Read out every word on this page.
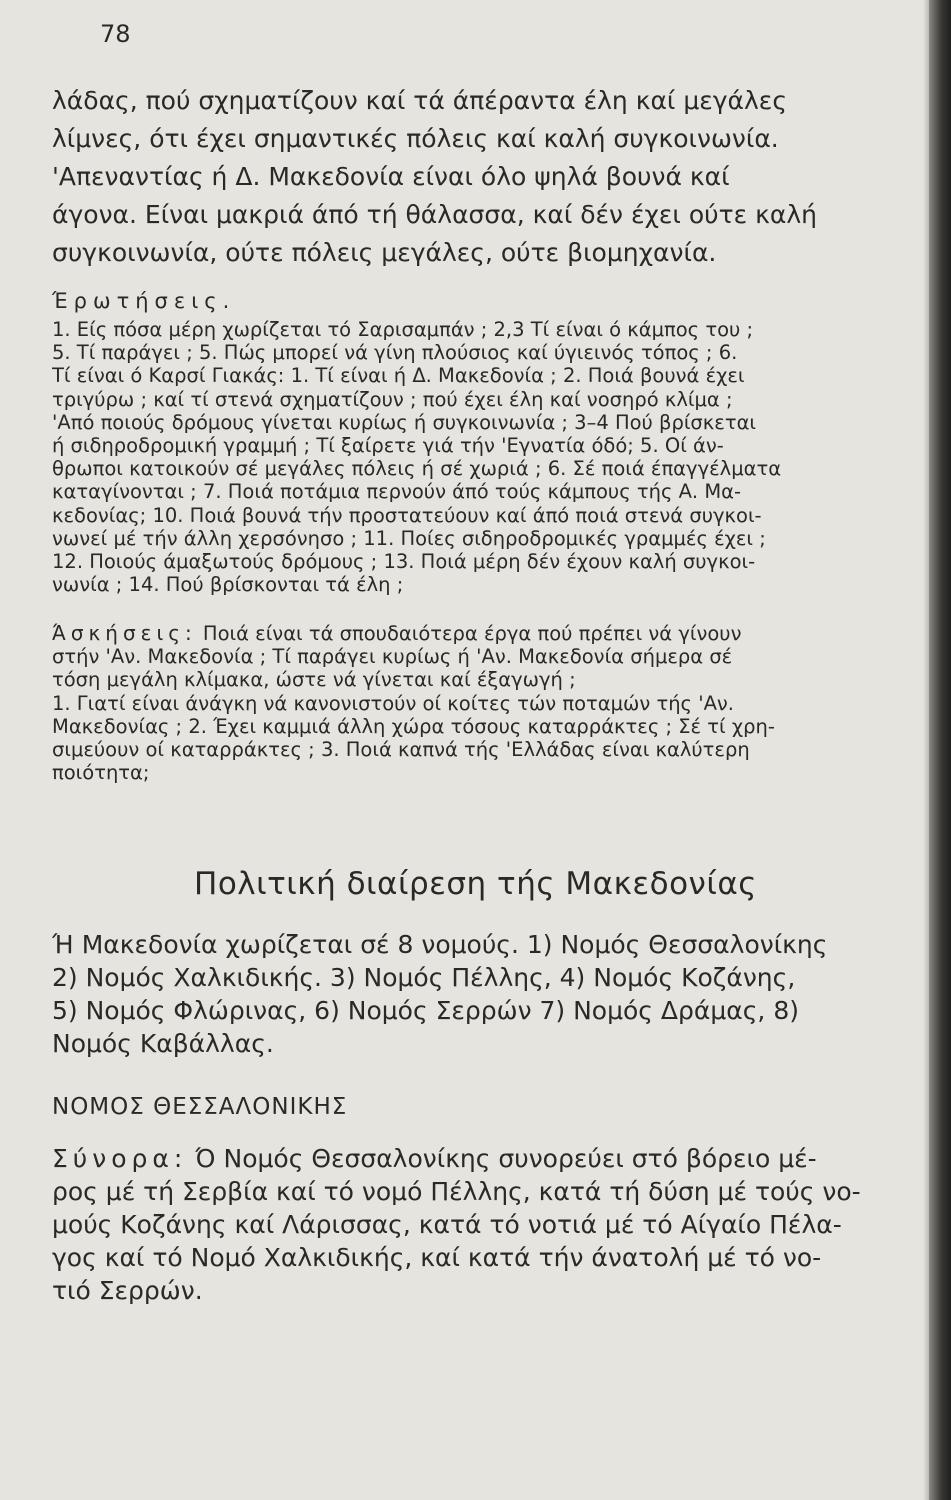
78
λάδας, πού σχηματίζουν καί τά άπέραντα έλη καί μεγάλες
λίμνες, ότι έχει σημαντικές πόλεις καί καλή συγκοινωνία.
'Απεναντίας ή Δ. Μακεδονία είναι όλο ψηλά βουνά καί
άγονα. Είναι μακριά άπό τή θάλασσα, καί δέν έχει ούτε καλή
συγκοινωνία, ούτε πόλεις μεγάλες, ούτε βιομηχανία.
Έρωτήσεις.
1. Είς πόσα μέρη χωρίζεται τό Σαρισαμπάν ; 2,3 Τί είναι ό κάμπος του ;
5. Τί παράγει ; 5. Πώς μπορεί νά γίνη πλούσιος καί ύγιεινός τόπος ; 6.
Τί είναι ό Καρσί Γιακάς: 1. Τί είναι ή Δ. Μακεδονία ; 2. Ποιά βουνά έχει
τριγύρω ; καί τί στενά σχηματίζουν ; πού έχει έλη καί νοσηρό κλίμα ;
'Από ποιούς δρόμους γίνεται κυρίως ή συγκοινωνία ; 3–4 Πού βρίσκεται
ή σιδηροδρομική γραμμή ; Τί ξαίρετε γιά τήν 'Εγνατία όδό; 5. Οί άν-
θρωποι κατοικούν σέ μεγάλες πόλεις ή σέ χωριά ; 6. Σέ ποιά έπαγγέλματα
καταγίνονται ; 7. Ποιά ποτάμια περνούν άπό τούς κάμπους τής Α. Μα-
κεδονίας; 10. Ποιά βουνά τήν προστατεύουν καί άπό ποιά στενά συγκοι-
νωνεί μέ τήν άλλη χερσόνησο ; 11. Ποίες σιδηροδρομικές γραμμές έχει ;
12. Ποιούς άμαξωτούς δρόμους ; 13. Ποιά μέρη δέν έχουν καλή συγκοι-
νωνία ; 14. Πού βρίσκονται τά έλη ;
Άσκήσεις: Ποιά είναι τά σπουδαιότερα έργα πού πρέπει νά γίνουν
στήν 'Αν. Μακεδονία ; Τί παράγει κυρίως ή 'Αν. Μακεδονία σήμερα σέ
τόση μεγάλη κλίμακα, ώστε νά γίνεται καί έξαγωγή ;
1. Γιατί είναι άνάγκη νά κανονιστούν οί κοίτες τών ποταμών τής 'Αν.
Μακεδονίας ; 2. Έχει καμμιά άλλη χώρα τόσους καταρράκτες ; Σέ τί χρη-
σιμεύουν οί καταρράκτες ; 3. Ποιά καπνά τής 'Ελλάδας είναι καλύτερη
ποιότητα;
Πολιτική διαίρεση τής Μακεδονίας
Ή Μακεδονία χωρίζεται σέ 8 νομούς. 1) Νομός Θεσσαλονίκης
2) Νομός Χαλκιδικής. 3) Νομός Πέλλης, 4) Νομός Κοζάνης,
5) Νομός Φλώρινας, 6) Νομός Σερρών 7) Νομός Δράμας, 8)
Νομός Καβάλλας.
ΝΟΜΟΣ ΘΕΣΣΑΛΟΝΙΚΗΣ
Σύνορα: Ό Νομός Θεσσαλονίκης συνορεύει στό βόρειο μέ-
ρος μέ τή Σερβία καί τό νομό Πέλλης, κατά τή δύση μέ τούς νο-
μούς Κοζάνης καί Λάρισσας, κατά τό νοτιά μέ τό Αίγαίο Πέλα-
γος καί τό Νομό Χαλκιδικής, καί κατά τήν άνατολή μέ τό νο-
τιό Σερρών.
